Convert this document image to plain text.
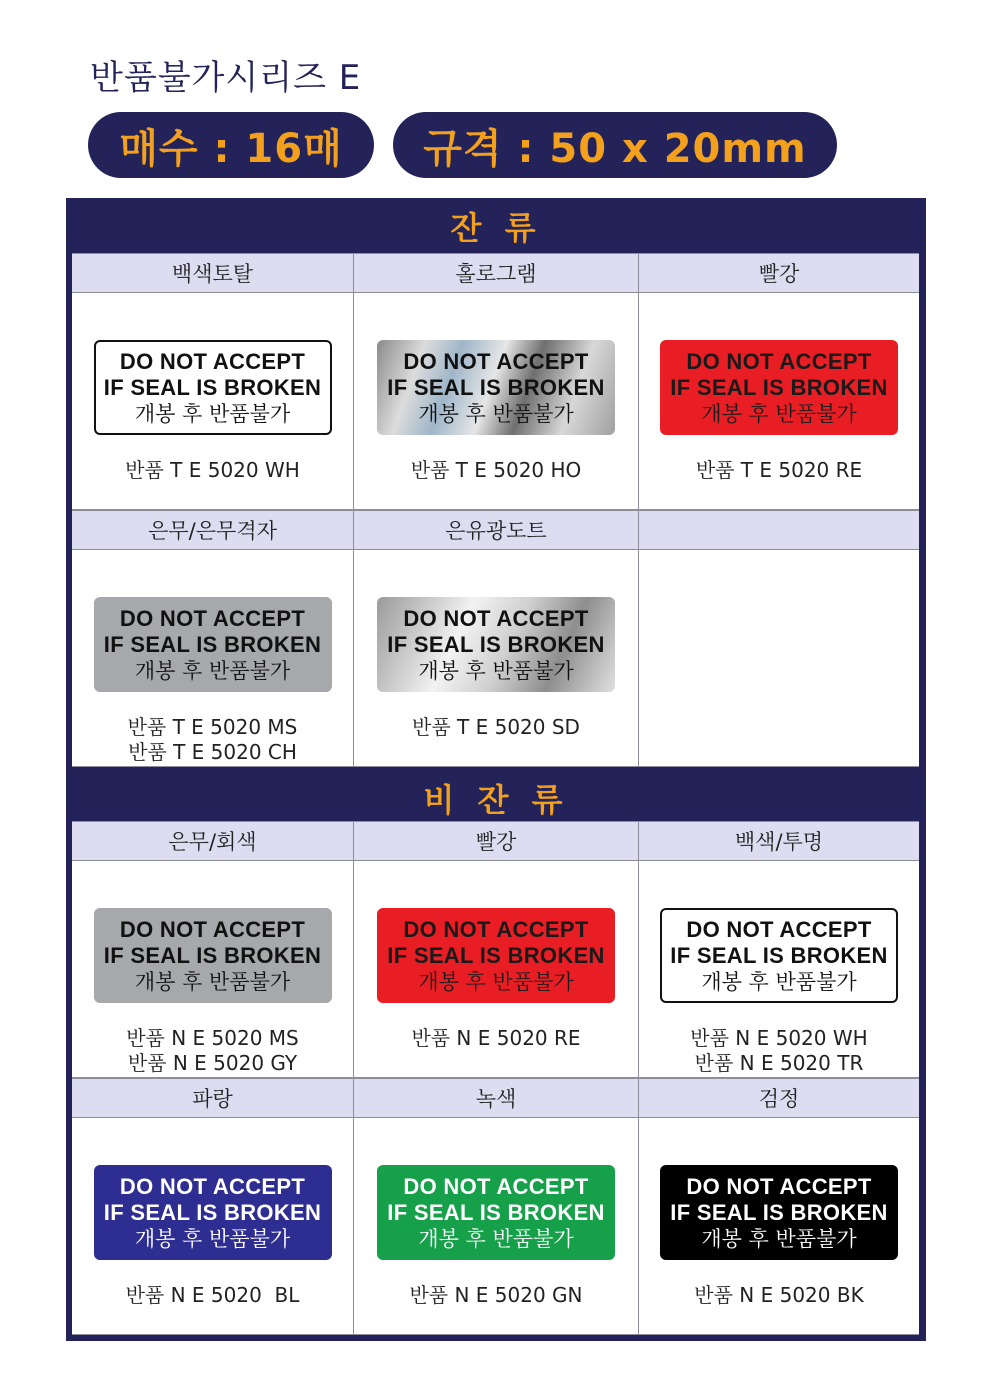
반품불가시리즈 E
매수 : 16매	규격 : 50 x 20mm
잔 류
백색토탈	홀로그램	빨강
DO NOT ACCEPT
IF SEAL IS BROKEN
개봉 후 반품불가
반품 T E 5020 WH
DO NOT ACCEPT
IF SEAL IS BROKEN
개봉 후 반품불가
반품 T E 5020 HO
DO NOT ACCEPT
IF SEAL IS BROKEN
개봉 후 반품불가
반품 T E 5020 RE
은무/은무격자	은유광도트
DO NOT ACCEPT
IF SEAL IS BROKEN
개봉 후 반품불가
반품 T E 5020 MS
반품 T E 5020 CH
DO NOT ACCEPT
IF SEAL IS BROKEN
개봉 후 반품불가
반품 T E 5020 SD
비 잔 류
은무/회색	빨강	백색/투명
DO NOT ACCEPT
IF SEAL IS BROKEN
개봉 후 반품불가
반품 N E 5020 MS
반품 N E 5020 GY
DO NOT ACCEPT
IF SEAL IS BROKEN
개봉 후 반품불가
반품 N E 5020 RE
DO NOT ACCEPT
IF SEAL IS BROKEN
개봉 후 반품불가
반품 N E 5020 WH
반품 N E 5020 TR
파랑	녹색	검정
DO NOT ACCEPT
IF SEAL IS BROKEN
개봉 후 반품불가
반품 N E 5020  BL
DO NOT ACCEPT
IF SEAL IS BROKEN
개봉 후 반품불가
반품 N E 5020 GN
DO NOT ACCEPT
IF SEAL IS BROKEN
개봉 후 반품불가
반품 N E 5020 BK
